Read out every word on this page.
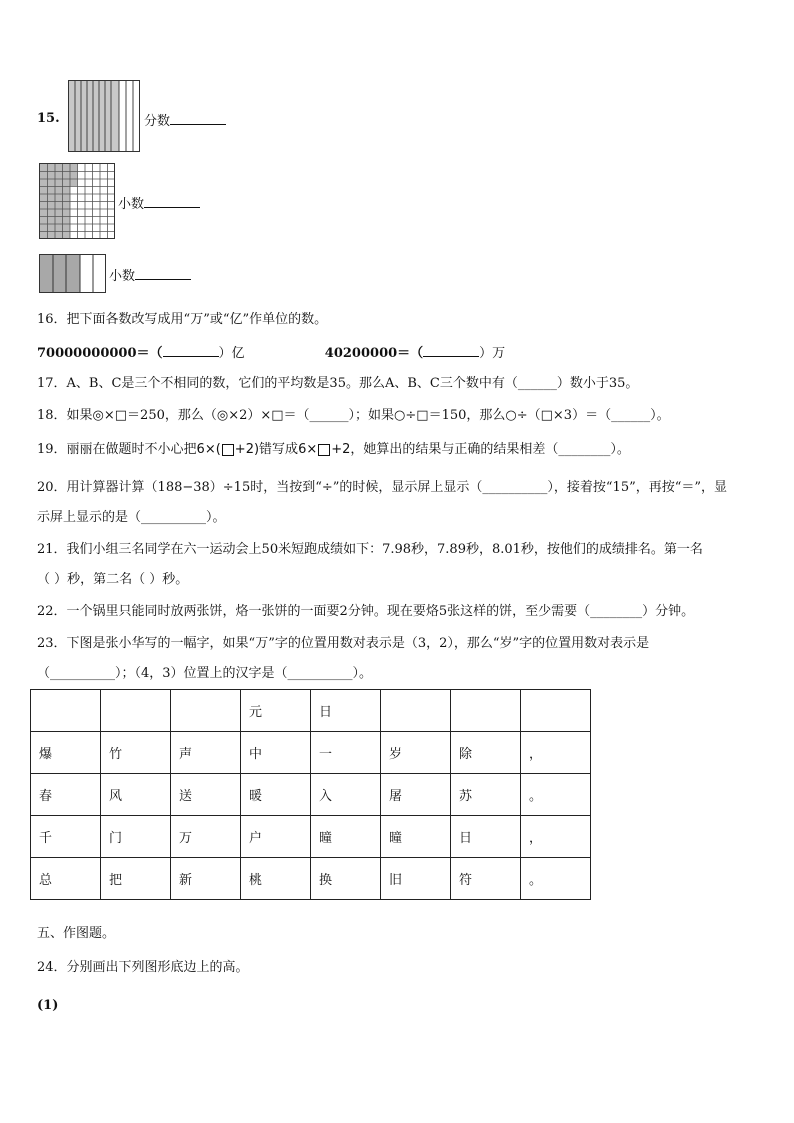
15.	分数
小数
小数
16．把下面各数改写成用“万”或“亿”作单位的数。
70000000000＝（	）亿	40200000＝（	）万
17．A、B、C是三个不相同的数，它们的平均数是35。那么A、B、C三个数中有（______）数小于35。
18．如果◎×□＝250，那么（◎×2）×□＝（______）；如果○÷□＝150，那么○÷（□×3）＝（______）。
19．丽丽在做题时不小心把6×( +2)错写成6× +2，她算出的结果与正确的结果相差（________）。
20．用计算器计算（188−38）÷15时，当按到“÷”的时候，显示屏上显示（__________），接着按“15”，再按“＝”，显
示屏上显示的是（__________）。
21．我们小组三名同学在六一运动会上50米短跑成绩如下：7.98秒，7.89秒，8.01秒，按他们的成绩排名。第一名
（ ）秒，第二名（ ）秒。
22．一个锅里只能同时放两张饼，烙一张饼的一面要2分钟。现在要烙5张这样的饼，至少需要（________）分钟。
23．下图是张小华写的一幅字，如果“万”字的位置用数对表示是（3，2），那么“岁”字的位置用数对表示是
（__________）；（4，3）位置上的汉字是（__________）。
			元	日			
爆	竹	声	中	一	岁	除	，
春	风	送	暖	入	屠	苏	。
千	门	万	户	曈	曈	日	，
总	把	新	桃	换	旧	符	。
五、作图题。
24．分别画出下列图形底边上的高。
(1)
